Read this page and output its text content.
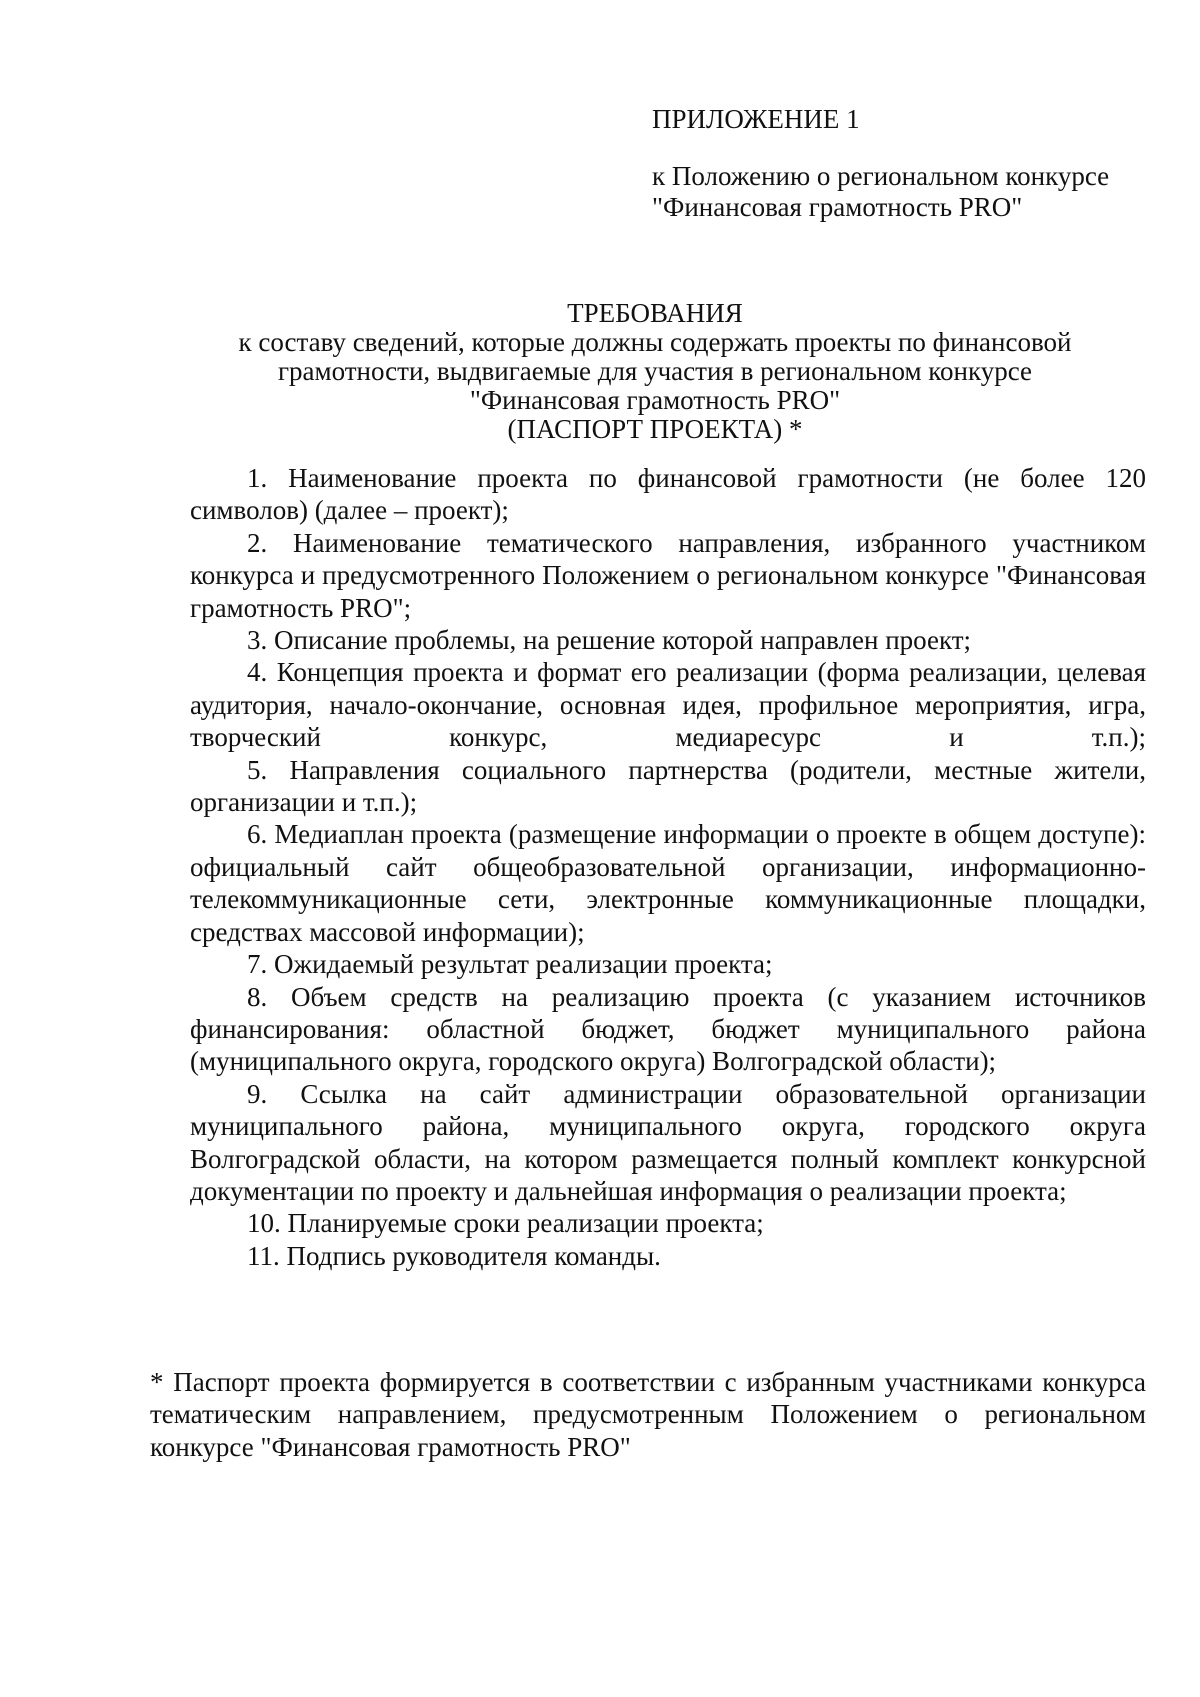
ПРИЛОЖЕНИЕ 1
к Положению о региональном конкурсе
"Финансовая грамотность PRO"
ТРЕБОВАНИЯ
к составу сведений, которые должны содержать проекты по финансовой
грамотности, выдвигаемые для участия в региональном конкурсе
"Финансовая грамотность PRO"
(ПАСПОРТ ПРОЕКТА) *
1. Наименование проекта по финансовой грамотности (не более 120 символов) (далее – проект);
2. Наименование тематического направления, избранного участником конкурса и предусмотренного Положением о региональном конкурсе "Финансовая грамотность PRO";
3. Описание проблемы, на решение которой направлен проект;
4. Концепция проекта и формат его реализации (форма реализации, целевая аудитория, начало-окончание, основная идея, профильное мероприятия, игра, творческий конкурс, медиаресурс и т.п.);
5. Направления социального партнерства (родители, местные жители, организации и т.п.);
6. Медиаплан проекта (размещение информации о проекте в общем доступе): официальный сайт общеобразовательной организации, информационно-телекоммуникационные сети, электронные коммуникационные площадки, средствах массовой информации);
7. Ожидаемый результат реализации проекта;
8. Объем средств на реализацию проекта (с указанием источников финансирования: областной бюджет, бюджет муниципального района (муниципального округа, городского округа) Волгоградской области);
9. Ссылка на сайт администрации образовательной организации муниципального района, муниципального округа, городского округа Волгоградской области, на котором размещается полный комплект конкурсной документации по проекту и дальнейшая информация о реализации проекта;
10. Планируемые сроки реализации проекта;
11. Подпись руководителя команды.
* Паспорт проекта формируется в соответствии с избранным участниками конкурса тематическим направлением, предусмотренным Положением о региональном конкурсе "Финансовая грамотность PRO"
